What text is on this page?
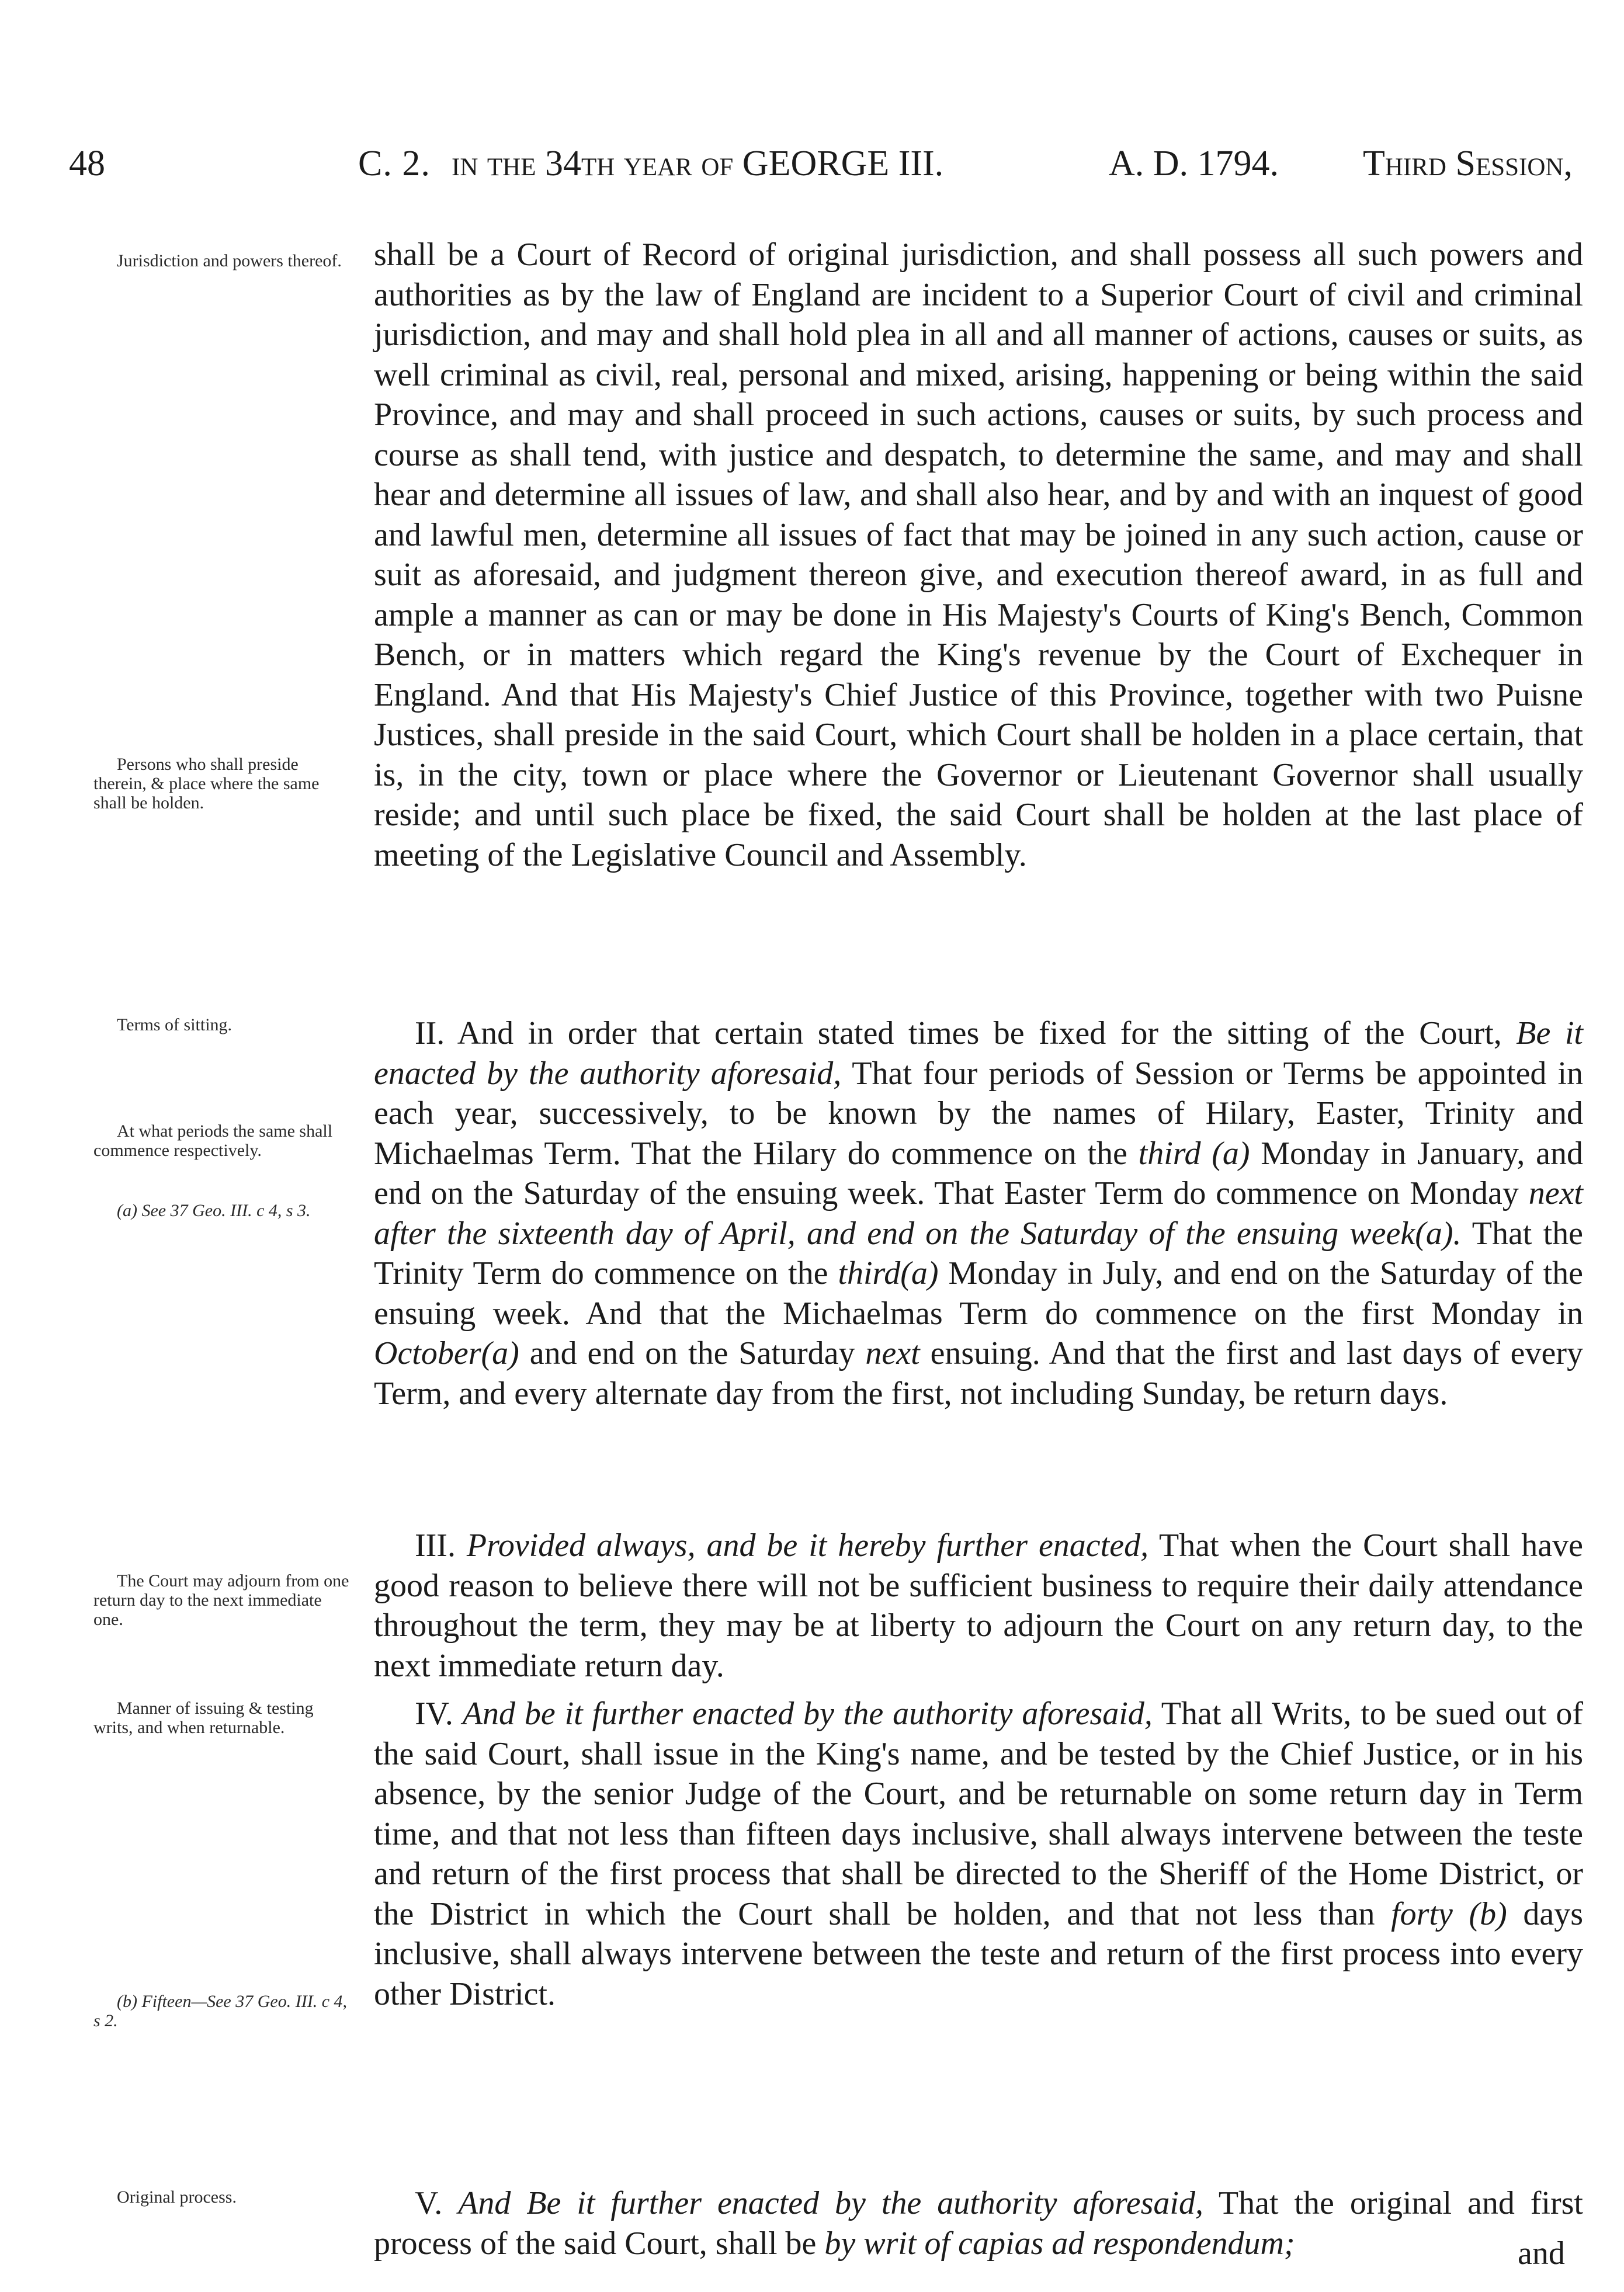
48	C. 2. in the 34th year of GEORGE III.	A. D. 1794. Third Session,
Jurisdiction and powers thereof.
Persons who shall preside therein, & place where the same shall be holden.
Terms of sitting.
At what periods the same shall commence respectively.
(a) See 37 Geo. III. c 4, s 3.
The Court may adjourn from one return day to the next immediate one.
Manner of issuing & testing writs, and when returnable.
(b) Fifteen—See 37 Geo. III. c 4, s 2.
Original process.
shall be a Court of Record of original jurisdiction, and shall possess all such powers and authorities as by the law of England are incident to a Superior Court of civil and criminal jurisdiction, and may and shall hold plea in all and all manner of actions, causes or suits, as well criminal as civil, real, personal and mixed, arising, happening or being within the said Province, and may and shall proceed in such actions, causes or suits, by such process and course as shall tend, with justice and despatch, to determine the same, and may and shall hear and determine all issues of law, and shall also hear, and by and with an inquest of good and lawful men, determine all issues of fact that may be joined in any such action, cause or suit as aforesaid, and judgment thereon give, and execution thereof award, in as full and ample a manner as can or may be done in His Majesty's Courts of King's Bench, Common Bench, or in matters which regard the King's revenue by the Court of Exchequer in England. And that His Majesty's Chief Justice of this Province, together with two Puisne Justices, shall preside in the said Court, which Court shall be holden in a place certain, that is, in the city, town or place where the Governor or Lieutenant Governor shall usually reside; and until such place be fixed, the said Court shall be holden at the last place of meeting of the Legislative Council and Assembly.
II. And in order that certain stated times be fixed for the sitting of the Court, Be it enacted by the authority aforesaid, That four periods of Session or Terms be appointed in each year, successively, to be known by the names of Hilary, Easter, Trinity and Michaelmas Term. That the Hilary do commence on the third (a) Monday in January, and end on the Saturday of the ensuing week. That Easter Term do commence on Monday next after the sixteenth day of April, and end on the Saturday of the ensuing week(a). That the Trinity Term do commence on the third(a) Monday in July, and end on the Saturday of the ensuing week. And that the Michaelmas Term do commence on the first Monday in October(a) and end on the Saturday next ensuing. And that the first and last days of every Term, and every alternate day from the first, not including Sunday, be return days.
III. Provided always, and be it hereby further enacted, That when the Court shall have good reason to believe there will not be sufficient business to require their daily attendance throughout the term, they may be at liberty to adjourn the Court on any return day, to the next immediate return day.
IV. And be it further enacted by the authority aforesaid, That all Writs, to be sued out of the said Court, shall issue in the King's name, and be tested by the Chief Justice, or in his absence, by the senior Judge of the Court, and be returnable on some return day in Term time, and that not less than fifteen days inclusive, shall always intervene between the teste and return of the first process that shall be directed to the Sheriff of the Home District, or the District in which the Court shall be holden, and that not less than forty (b) days inclusive, shall always intervene between the teste and return of the first process into every other District.
V. And Be it further enacted by the authority aforesaid, That the original and first process of the said Court, shall be by writ of capias ad respondendum;	and
